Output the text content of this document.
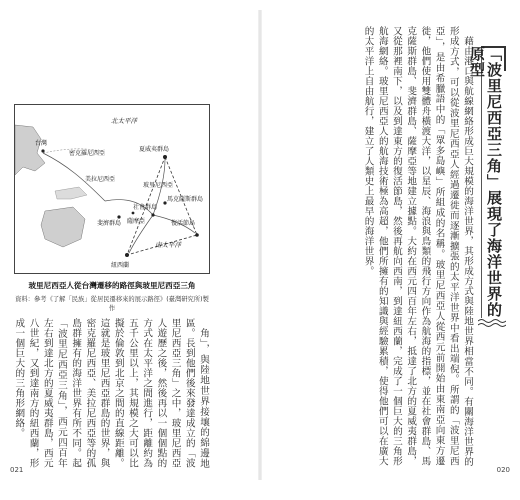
北太平洋
南太平洋
台灣
密克羅尼西亞
夏威夷群島
美拉尼西亞
馬克薩斯群島
社會群島
斐濟群島 薩摩亞
紐西蘭
復活節島
玻里尼西亞
玻里尼西亞人從台灣遷移的路徑與玻里尼西亞三角
資料：參考《了解「民族」從居民遷移來的展示路徑》(臺灣研究所)製作

角」，與陸地世界接壤的綿邊地區。長到他們後來發達成立的「波里尼西亞三角」之中，玻里尼西亞人遊歷之後，然後再以一個個點的方式在太平洋之間進行，距離約為五千公里以上，其規模之大可以比擬於倫敦到北京之間的直線距離。這就是玻里尼西亞群島的世界，與密克羅尼西亞、美拉尼西亞等的孤島群擁有的海洋世界有所不同。起「波里尼西亞三角」，西元四百年左右到達北方的夏威夷群島，西元八世紀，又到達南方的紐西蘭，形成一個巨大的三角形網絡。

021
「波里尼西亞三角」展現了海洋世界的原型

藉由港口與航線網絡形成巨大規模的海洋世界，其形成方式與陸地世界相當不同。有關海洋世界的形成方式，可以從波里尼西亞人經過遷徙而逐漸擴張的太平洋世界中看出端倪。所謂的「波里尼西亞」，是由希臘語中的「眾多島嶼」所組成的名稱。玻里尼西亞人從西元前開始由東南亞向東方遷徙，他們使用雙體舟橫渡大洋，以星辰、海浪與鳥類的飛行方向作為航海的指標，並在社會群島、馬克薩斯群島、斐濟群島、薩摩亞等地建立據點。大約在西元四百年左右，抵達了北方的夏威夷群島，又從那裡南下，以及到達東方的復活節島，然後再航向西南，到達紐西蘭，完成了一個巨大的三角形航海網絡。玻里尼西亞人的航海技術極為高超，他們所擁有的知識與經驗累積，使得他們可以在廣大的太平洋上自由航行，建立了人類史上最早的海洋世界。

020
